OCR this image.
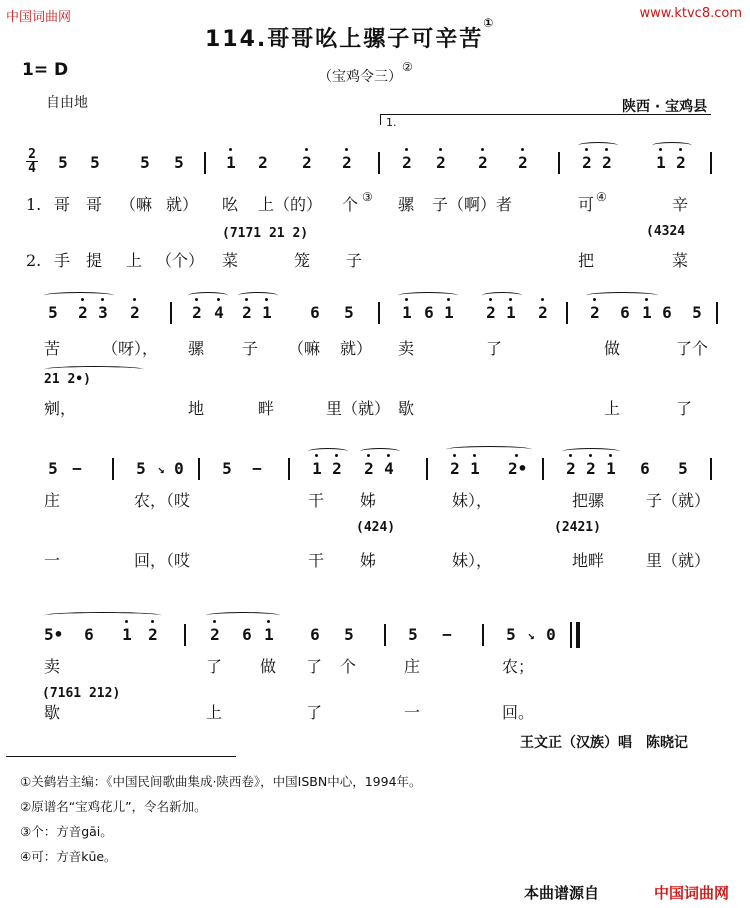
中国词曲网	www.ktvc8.com
114.哥哥吆上骡子可辛苦①
（宝鸡令三）②
1= D
自由地	陕西 · 宝鸡县
1.
2
4 5 5	5 5	1 2 2 2	2 2 2 2	2 2	1 2
1. 哥 哥 （嘛 就） 吆 上（的） 个 ③ 骡 子（啊）者	可 ④	辛
(7171 21 2)	(4324
2. 手 提 上 （个） 菜	笼 子	把	菜
5 2 3 2	2 4 2 1 6 5	1 6 1 2 1 2	2 6 1 6 5
苦	（呀）， 骡 子 （嘛 就） 卖	了	做	了个
21 2•)
剜，	地	畔	里（就） 歇	上	了
5 −	5 ↘ 0 5 −	1 2 2 4	2 1 2• 2 2 1 6 5
庄	农，（哎	干 姊	妹），	把骡	子（就）
(424)	(2421)
一	回，（哎	干 姊	妹），	地畔	里（就）
5• 6 1 2	2 6 1 6 5	5 −	5 ↘ 0
卖	了 做 了 个	庄	农；
(7161 212)
歇	上	了	一	回。
王文正（汉族）唱　陈晓记
①关鹤岩主编：《中国民间歌曲集成·陕西卷》，中国ISBN中心，1994年。
②原谱名“宝鸡花儿”，令名新加。
③个：方音gāi。
④可：方音kūe。
本曲谱源自	中国词曲网
